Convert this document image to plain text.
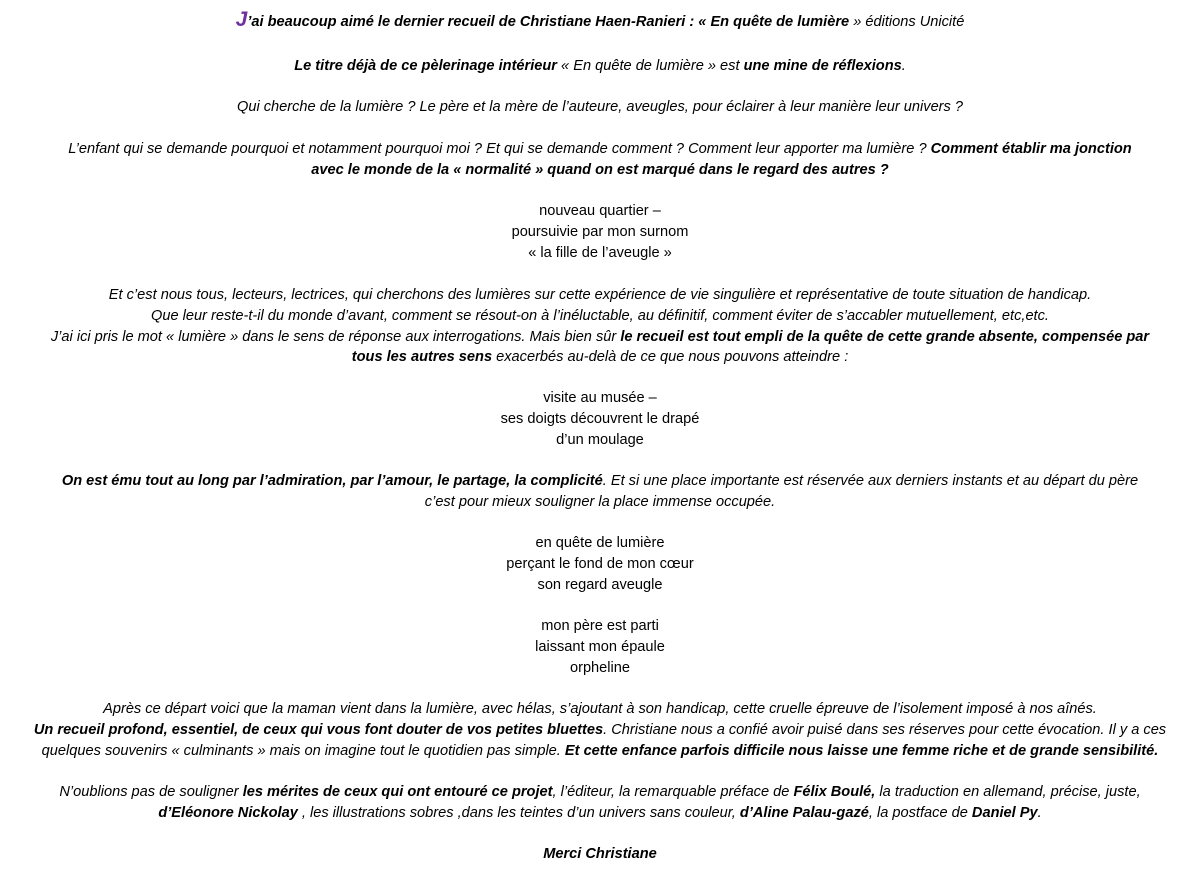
J’ai beaucoup aimé le dernier recueil de Christiane Haen-Ranieri : « En quête de lumière » éditions Unicité

Le titre déjà de ce pèlerinage intérieur « En quête de lumière » est une mine de réflexions.

Qui cherche de la lumière ? Le père et la mère de l’auteure, aveugles, pour éclairer à leur manière leur univers ?

L’enfant qui se demande pourquoi et notamment pourquoi moi ? Et qui se demande comment ? Comment leur apporter ma lumière ? Comment établir ma jonction

avec le monde de la « normalité » quand on est marqué dans le regard des autres ?

nouveau quartier –

poursuivie par mon surnom

« la fille de l’aveugle »

Et c’est nous tous, lecteurs, lectrices, qui cherchons des lumières sur cette expérience de vie singulière et représentative de toute situation de handicap.

Que leur reste-t-il du monde d’avant, comment se résout-on à l’inéluctable, au définitif, comment éviter de s’accabler mutuellement, etc,etc.

J’ai ici pris le mot « lumière » dans le sens de réponse aux interrogations. Mais bien sûr le recueil est tout empli de la quête de cette grande absente, compensée par

tous les autres sens exacerbés au-delà de ce que nous pouvons atteindre :

visite au musée –

ses doigts découvrent le drapé

d’un moulage

On est ému tout au long par l’admiration, par l’amour, le partage, la complicité. Et si une place importante est réservée aux derniers instants et au départ du père

c’est pour mieux souligner la place immense occupée.

en quête de lumière

perçant le fond de mon cœur

son regard aveugle

mon père est parti

laissant mon épaule

orpheline

Après ce départ voici que la maman vient dans la lumière, avec hélas, s’ajoutant à son handicap, cette cruelle épreuve de l’isolement imposé à nos aînés.

Un recueil profond, essentiel, de ceux qui vous font douter de vos petites bluettes. Christiane nous a confié avoir puisé dans ses réserves pour cette évocation. Il y a ces

quelques souvenirs « culminants » mais on imagine tout le quotidien pas simple. Et cette enfance parfois difficile nous laisse une femme riche et de grande sensibilité.

N’oublions pas de souligner les mérites de ceux qui ont entouré ce projet, l’éditeur, la remarquable préface de Félix Boulé, la traduction en allemand, précise, juste,

d’Eléonore Nickolay , les illustrations sobres ,dans les teintes d’un univers sans couleur, d’Aline Palau-gazé, la postface de Daniel Py.

Merci Christiane
